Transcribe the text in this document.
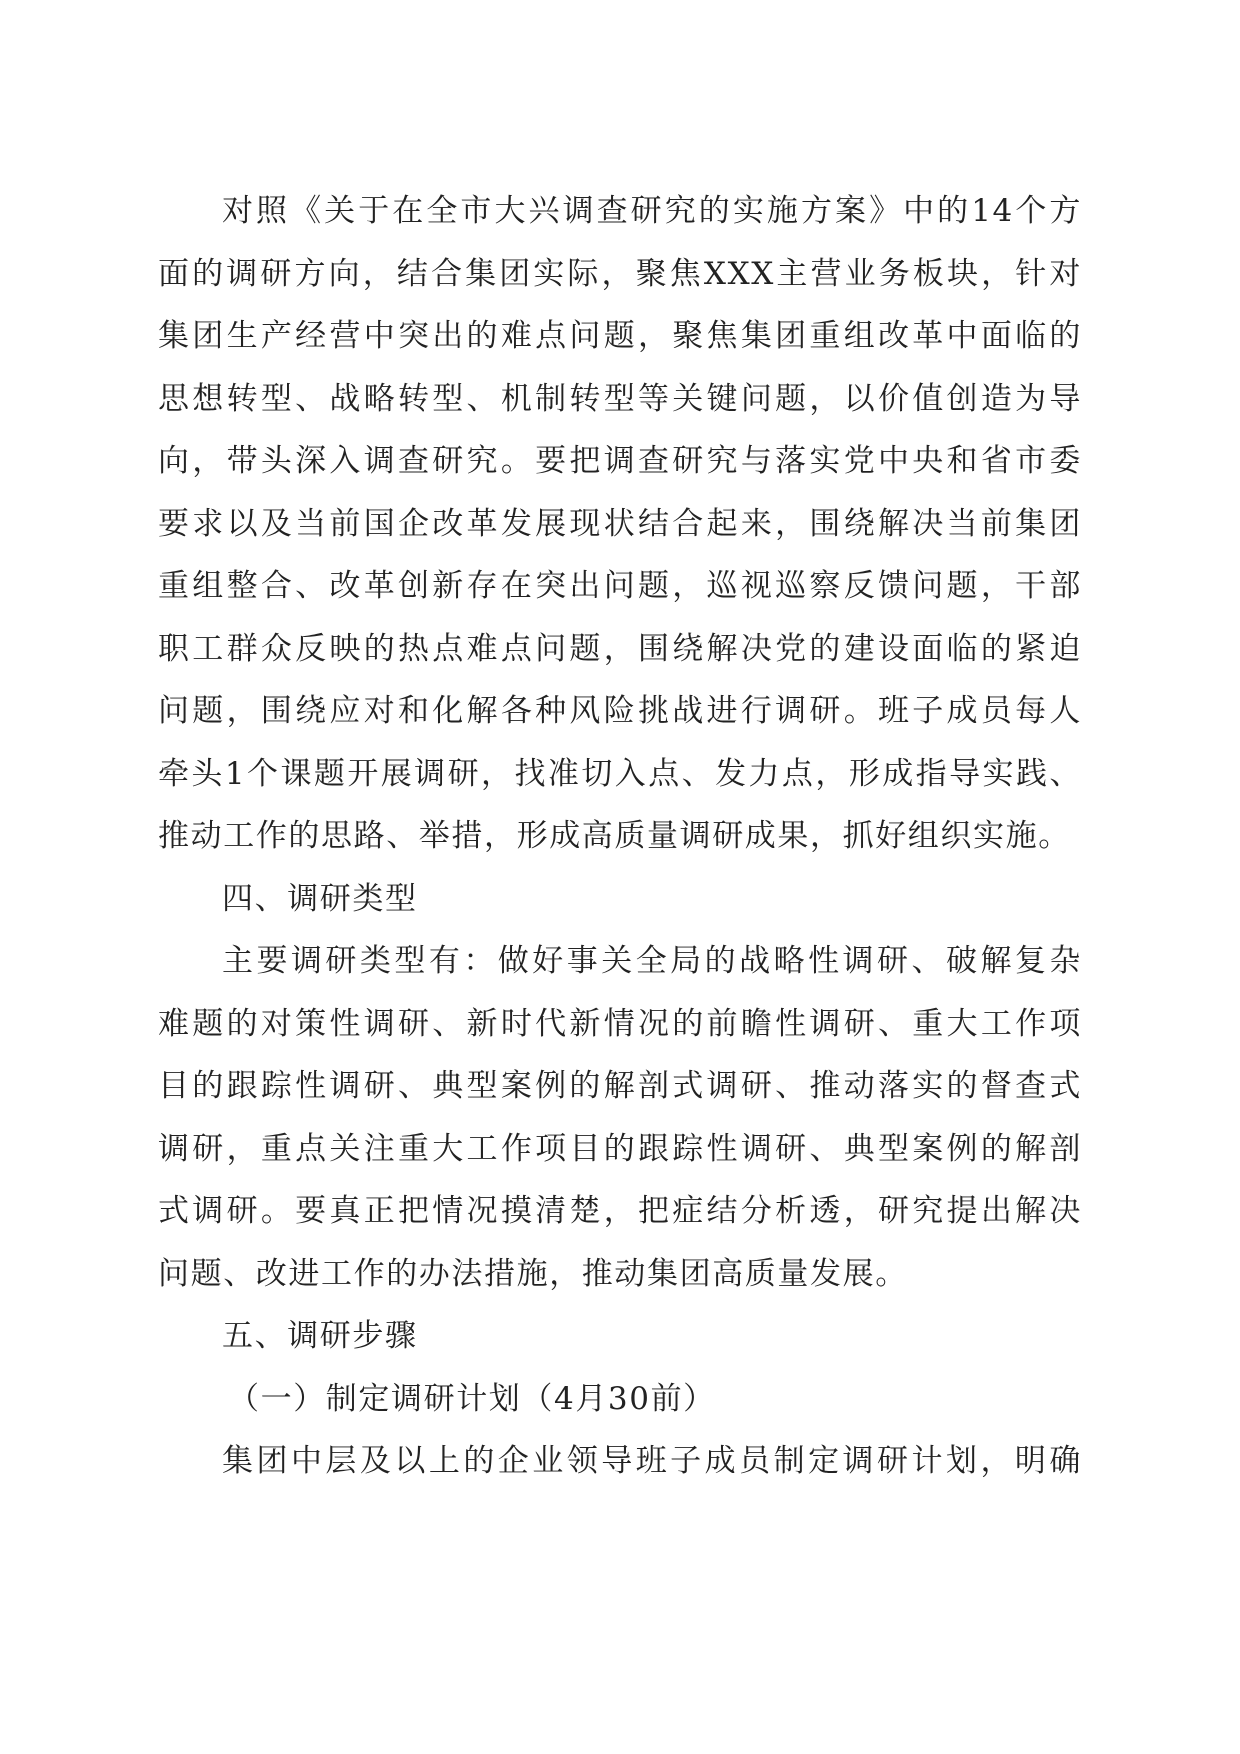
对照《关于在全市大兴调查研究的实施方案》中的14个方
面的调研方向，结合集团实际，聚焦XXX主营业务板块，针对
集团生产经营中突出的难点问题，聚焦集团重组改革中面临的
思想转型、战略转型、机制转型等关键问题，以价值创造为导
向，带头深入调查研究。要把调查研究与落实党中央和省市委
要求以及当前国企改革发展现状结合起来，围绕解决当前集团
重组整合、改革创新存在突出问题，巡视巡察反馈问题，干部
职工群众反映的热点难点问题，围绕解决党的建设面临的紧迫
问题，围绕应对和化解各种风险挑战进行调研。班子成员每人
牵头1个课题开展调研，找准切入点、发力点，形成指导实践、
推动工作的思路、举措，形成高质量调研成果，抓好组织实施。
四、调研类型
主要调研类型有：做好事关全局的战略性调研、破解复杂
难题的对策性调研、新时代新情况的前瞻性调研、重大工作项
目的跟踪性调研、典型案例的解剖式调研、推动落实的督查式
调研，重点关注重大工作项目的跟踪性调研、典型案例的解剖
式调研。要真正把情况摸清楚，把症结分析透，研究提出解决
问题、改进工作的办法措施，推动集团高质量发展。
五、调研步骤
（一）制定调研计划（4月30前）
集团中层及以上的企业领导班子成员制定调研计划，明确
